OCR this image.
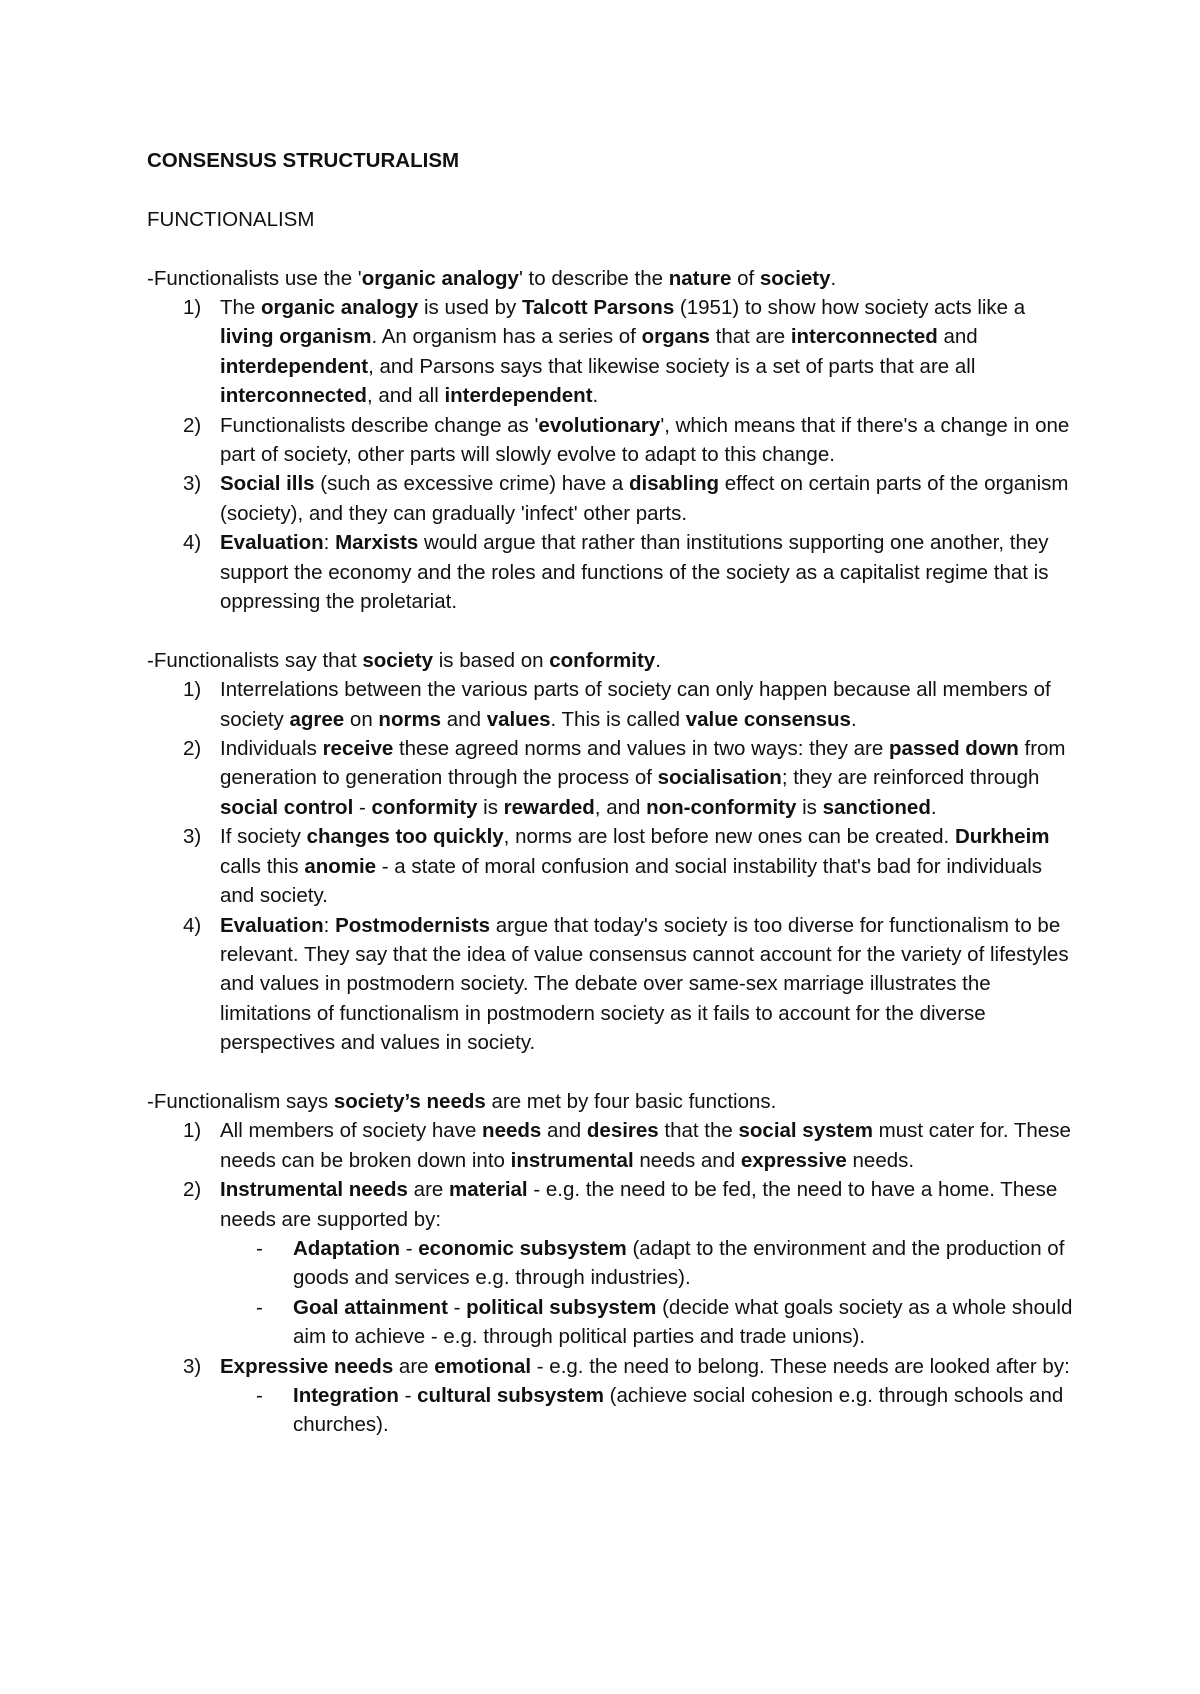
CONSENSUS STRUCTURALISM
FUNCTIONALISM

-Functionalists use the 'organic analogy' to describe the nature of society.

1) The organic analogy is used by Talcott Parsons (1951) to show how society acts like a living organism. An organism has a series of organs that are interconnected and interdependent, and Parsons says that likewise society is a set of parts that are all interconnected, and all interdependent.
2) Functionalists describe change as 'evolutionary', which means that if there's a change in one part of society, other parts will slowly evolve to adapt to this change.
3) Social ills (such as excessive crime) have a disabling effect on certain parts of the organism (society), and they can gradually 'infect' other parts.
4) Evaluation: Marxists would argue that rather than institutions supporting one another, they support the economy and the roles and functions of the society as a capitalist regime that is oppressing the proletariat.

-Functionalists say that society is based on conformity.

1) Interrelations between the various parts of society can only happen because all members of society agree on norms and values. This is called value consensus.
2) Individuals receive these agreed norms and values in two ways: they are passed down from generation to generation through the process of socialisation; they are reinforced through social control - conformity is rewarded, and non-conformity is sanctioned.
3) If society changes too quickly, norms are lost before new ones can be created. Durkheim calls this anomie - a state of moral confusion and social instability that's bad for individuals and society.
4) Evaluation: Postmodernists argue that today's society is too diverse for functionalism to be relevant. They say that the idea of value consensus cannot account for the variety of lifestyles and values in postmodern society. The debate over same-sex marriage illustrates the limitations of functionalism in postmodern society as it fails to account for the diverse perspectives and values in society.

-Functionalism says society’s needs are met by four basic functions.

1) All members of society have needs and desires that the social system must cater for. These needs can be broken down into instrumental needs and expressive needs.
2) Instrumental needs are material - e.g. the need to be fed, the need to have a home. These needs are supported by:
- Adaptation - economic subsystem (adapt to the environment and the production of goods and services e.g. through industries).
- Goal attainment - political subsystem (decide what goals society as a whole should aim to achieve - e.g. through political parties and trade unions).
3) Expressive needs are emotional - e.g. the need to belong. These needs are looked after by:
- Integration - cultural subsystem (achieve social cohesion e.g. through schools and churches).
